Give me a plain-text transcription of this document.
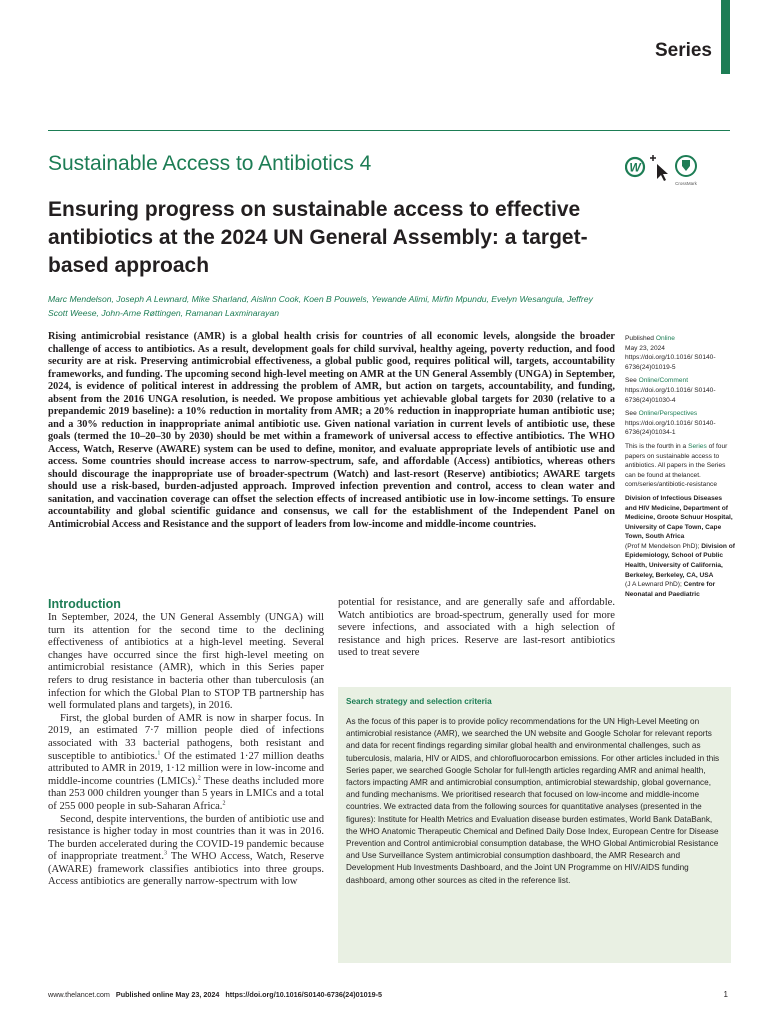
Series
Sustainable Access to Antibiotics 4	W
CrossMark
Ensuring progress on sustainable access to effective antibiotics at the 2024 UN General Assembly: a target-based approach
Marc Mendelson, Joseph A Lewnard, Mike Sharland, Aislinn Cook, Koen B Pouwels, Yewande Alimi, Mirfin Mpundu, Evelyn Wesangula, Jeffrey Scott Weese, John-Arne Røttingen, Ramanan Laxminarayan
Rising antimicrobial resistance (AMR) is a global health crisis for countries of all economic levels, alongside the broader challenge of access to antibiotics. As a result, development goals for child survival, healthy ageing, poverty reduction, and food security are at risk. Preserving antimicrobial effectiveness, a global public good, requires political will, targets, accountability frameworks, and funding. The upcoming second high-level meeting on AMR at the UN General Assembly (UNGA) in September, 2024, is evidence of political interest in addressing the problem of AMR, but action on targets, accountability, and funding, absent from the 2016 UNGA resolution, is needed. We propose ambitious yet achievable global targets for 2030 (relative to a prepandemic 2019 baseline): a 10% reduction in mortality from AMR; a 20% reduction in inappropriate human antibiotic use; and a 30% reduction in inappropriate animal antibiotic use. Given national variation in current levels of antibiotic use, these goals (termed the 10–20–30 by 2030) should be met within a framework of universal access to effective antibiotics. The WHO Access, Watch, Reserve (AWARE) system can be used to define, monitor, and evaluate appropriate levels of antibiotic use and access. Some countries should increase access to narrow-spectrum, safe, and affordable (Access) antibiotics, whereas others should discourage the inappropriate use of broader-spectrum (Watch) and last-resort (Reserve) antibiotics; AWARE targets should use a risk-based, burden-adjusted approach. Improved infection prevention and control, access to clean water and sanitation, and vaccination coverage can offset the selection effects of increased antibiotic use in low-income settings. To ensure accountability and global scientific guidance and consensus, we call for the establishment of the Independent Panel on Antimicrobial Access and Resistance and the support of leaders from low-income and middle-income countries.

Published Online
May 23, 2024
https://doi.org/10.1016/ S0140-6736(24)01019-5

See Online/Comment
https://doi.org/10.1016/ S0140-6736(24)01030-4

See Online/Perspectives
https://doi.org/10.1016/ S0140-6736(24)01034-1

This is the fourth in a Series of four papers on sustainable access to antibiotics. All papers in the Series can be found at thelancet. com/series/antibiotic-resistance

Division of Infectious Diseases and HIV Medicine, Department of Medicine, Groote Schuur Hospital, University of Cape Town, Cape Town, South Africa
(Prof M Mendelson PhD); Division of Epidemiology, School of Public Health, University of California, Berkeley, Berkeley, CA, USA
(J A Lewnard PhD); Centre for Neonatal and Paediatric

Introduction

In September, 2024, the UN General Assembly (UNGA) will turn its attention for the second time to the declining effectiveness of antibiotics at a high-level meeting. Several changes have occurred since the first high-level meeting on antimicrobial resistance (AMR), which in this Series paper refers to drug resistance in bacteria other than tuberculosis (an infection for which the Global Plan to STOP TB partnership has well formulated plans and targets), in 2016.

First, the global burden of AMR is now in sharper focus. In 2019, an estimated 7·7 million people died of infections associated with 33 bacterial pathogens, both resistant and susceptible to antibiotics.$^1$ Of the estimated 1·27 million deaths attributed to AMR in 2019, 1·12 million were in low-income and middle-income countries (LMICs).$^2$ These deaths included more than 253 000 children younger than 5 years in LMICs and a total of 255 000 people in sub-Saharan Africa.$^2$

Second, despite interventions, the burden of antibiotic use and resistance is higher today in most countries than it was in 2016. The burden accelerated during the COVID-19 pandemic because of inappropriate treatment.$^3$ The WHO Access, Watch, Reserve (AWARE) framework classifies antibiotics into three groups. Access antibiotics are generally narrow-spectrum with low

potential for resistance, and are generally safe and affordable. Watch antibiotics are broad-spectrum, generally used for more severe infections, and associated with a high selection of resistance and high prices. Reserve are last-resort antibiotics used to treat severe

Search strategy and selection criteria

As the focus of this paper is to provide policy recommendations for the UN High-Level Meeting on antimicrobial resistance (AMR), we searched the UN website and Google Scholar for relevant reports and data for recent findings regarding similar global health and environmental challenges, such as tuberculosis, malaria, HIV or AIDS, and chlorofluorocarbon emissions. For other articles included in this Series paper, we searched Google Scholar for full-length articles regarding AMR and animal health, factors impacting AMR and antimicrobial consumption, antimicrobial stewardship, global governance, and funding mechanisms. We prioritised research that focused on low-income and middle-income countries. We extracted data from the following sources for quantitative analyses (presented in the figures): Institute for Health Metrics and Evaluation disease burden estimates, World Bank DataBank, the WHO Anatomic Therapeutic Chemical and Defined Daily Dose Index, European Centre for Disease Prevention and Control antimicrobial consumption database, the WHO Global Antimicrobial Resistance and Use Surveillance System antimicrobial consumption dashboard, the AMR Research and Development Hub Investments Dashboard, and the Joint UN Programme on HIV/AIDS funding dashboard, among other sources as cited in the reference list.

www.thelancet.com Published online May 23, 2024 https://doi.org/10.1016/S0140-6736(24)01019-5	1
